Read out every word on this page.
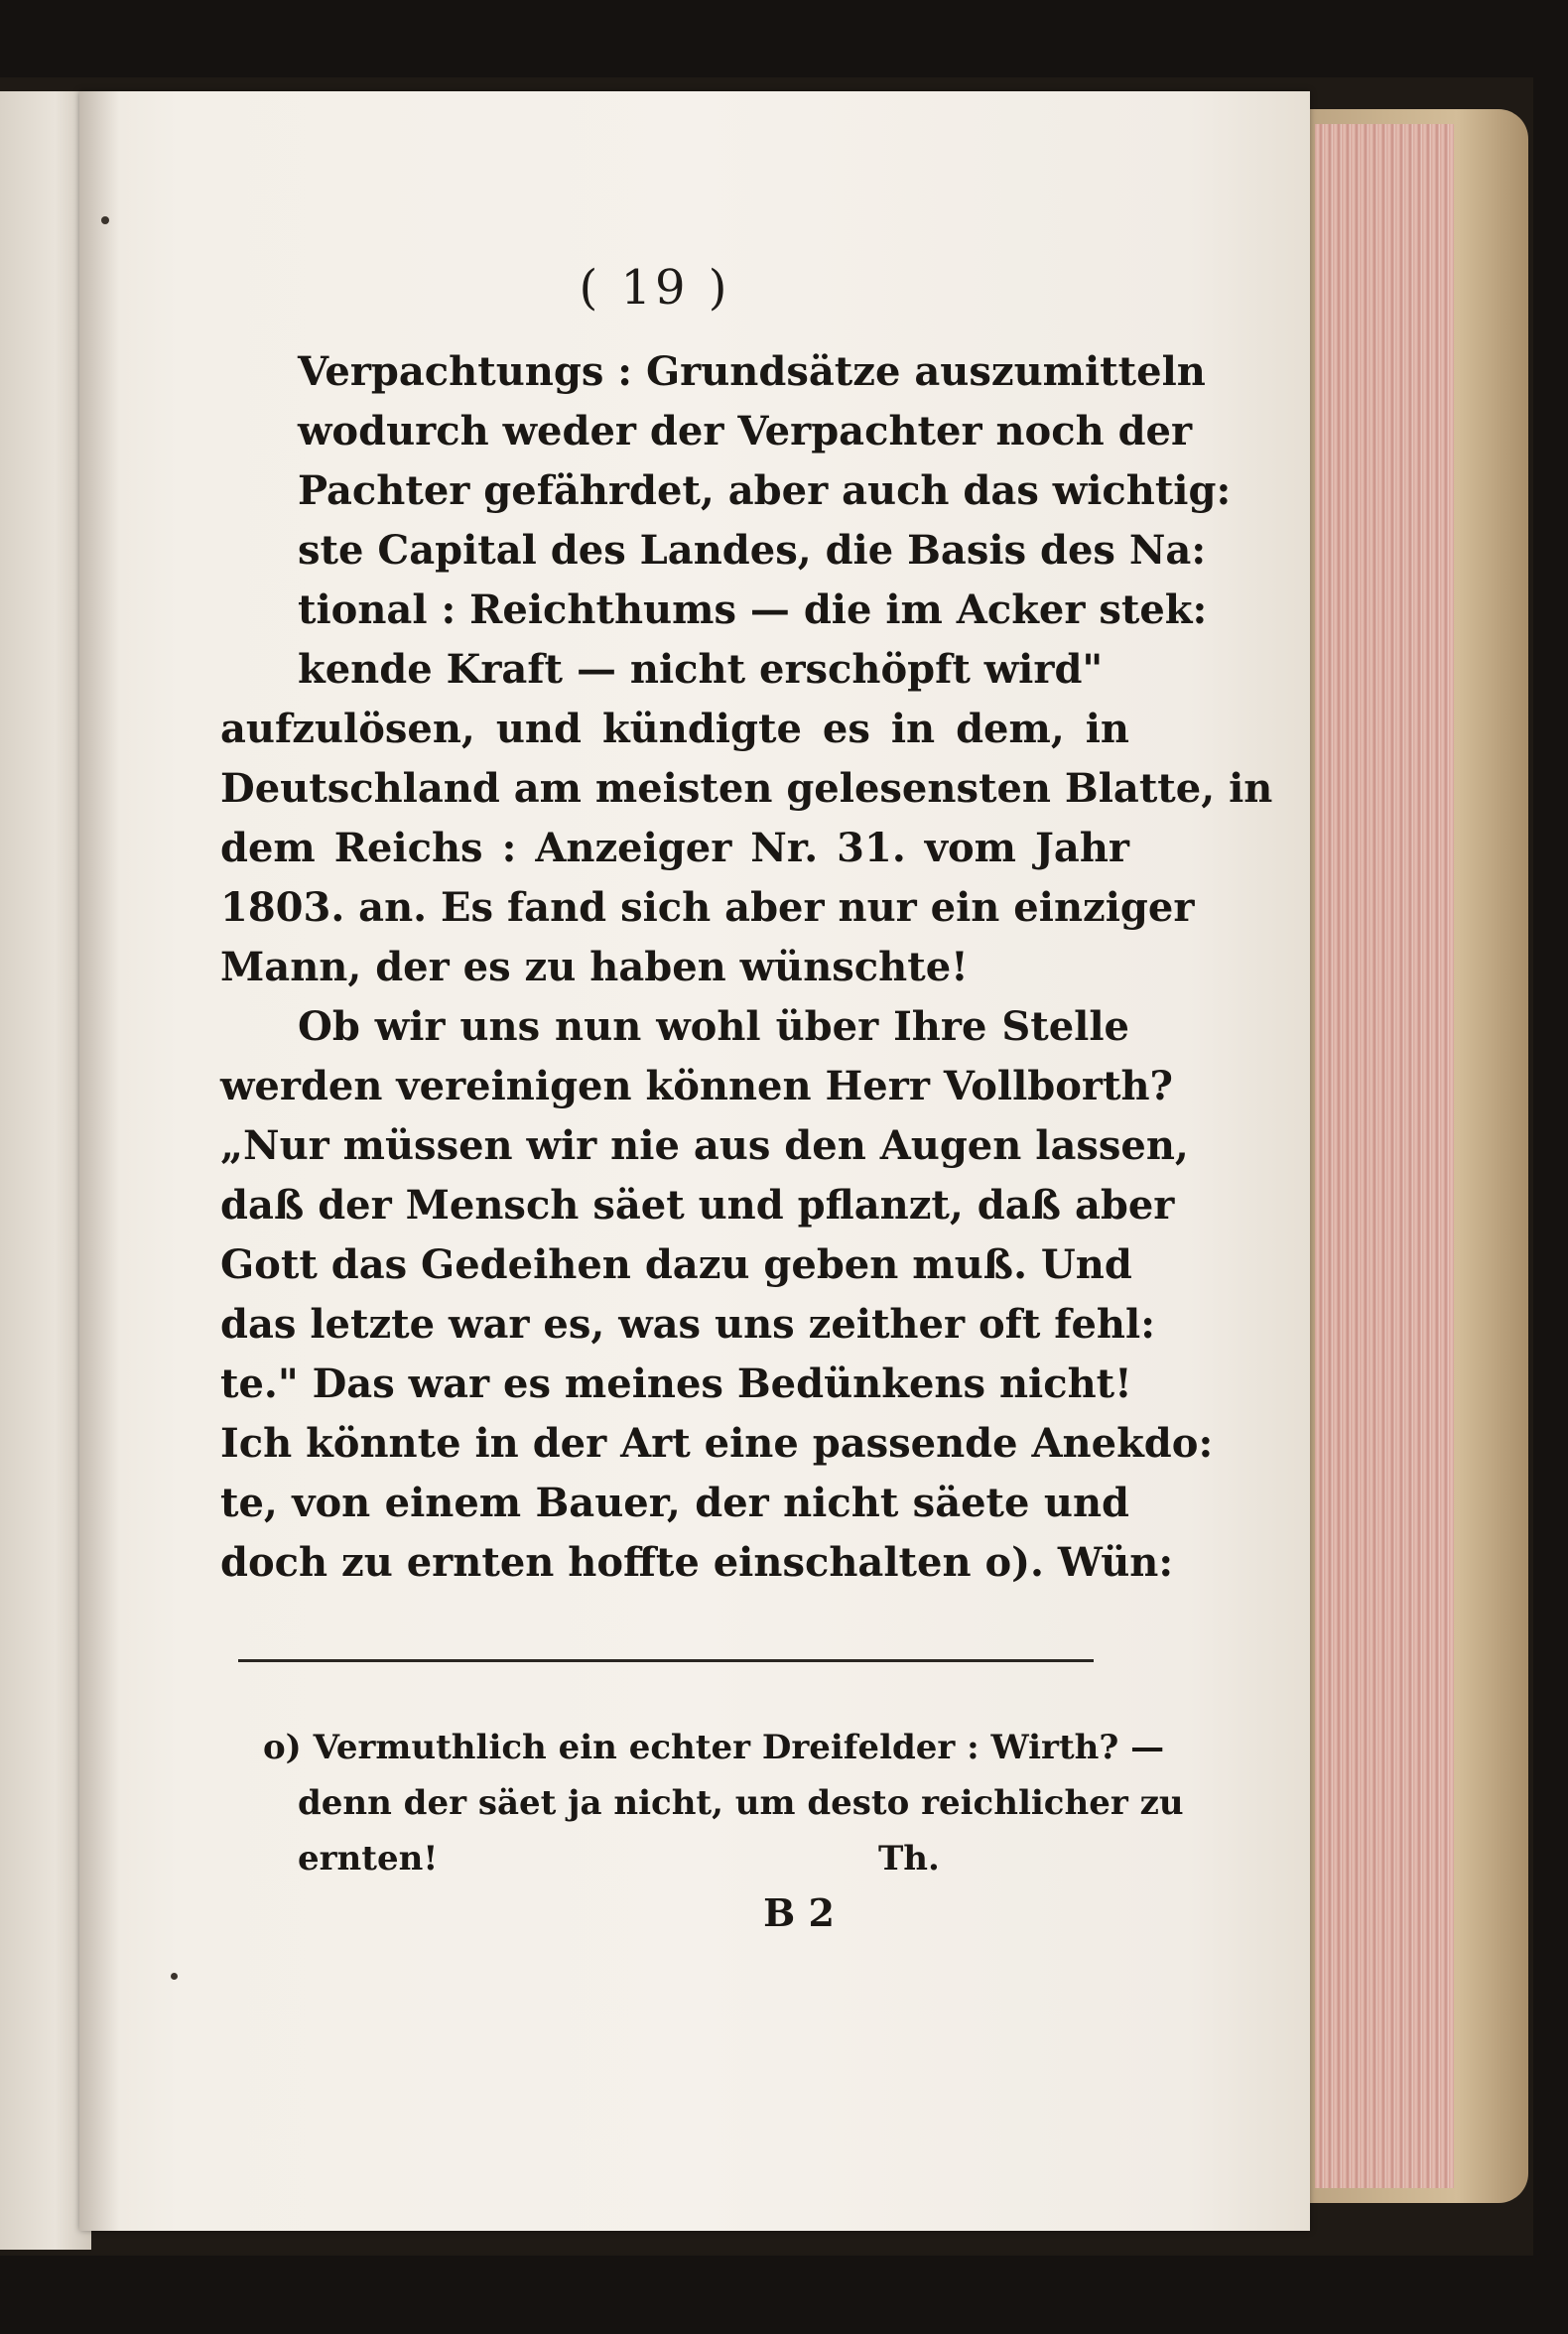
( 19 )
Verpachtungs : Grundsätze auszumitteln
wodurch weder der Verpachter noch der
Pachter gefährdet, aber auch das wichtig:
ste Capital des Landes, die Basis des Na:
tional : Reichthums — die im Acker stek:
kende Kraft — nicht erschöpft wird"
aufzulösen, und kündigte es in dem, in
Deutschland am meisten gelesensten Blatte, in
dem Reichs : Anzeiger Nr. 31. vom Jahr
1803. an. Es fand sich aber nur ein einziger
Mann, der es zu haben wünschte!
Ob wir uns nun wohl über Ihre Stelle
werden vereinigen können Herr Vollborth?
„Nur müssen wir nie aus den Augen lassen,
daß der Mensch säet und pflanzt, daß aber
Gott das Gedeihen dazu geben muß. Und
das letzte war es, was uns zeither oft fehl:
te." Das war es meines Bedünkens nicht!
Ich könnte in der Art eine passende Anekdo:
te, von einem Bauer, der nicht säete und
doch zu ernten hoffte einschalten o). Wün:
o) Vermuthlich ein echter Dreifelder : Wirth? —
denn der säet ja nicht, um desto reichlicher zu
ernten!	Th.
B 2
